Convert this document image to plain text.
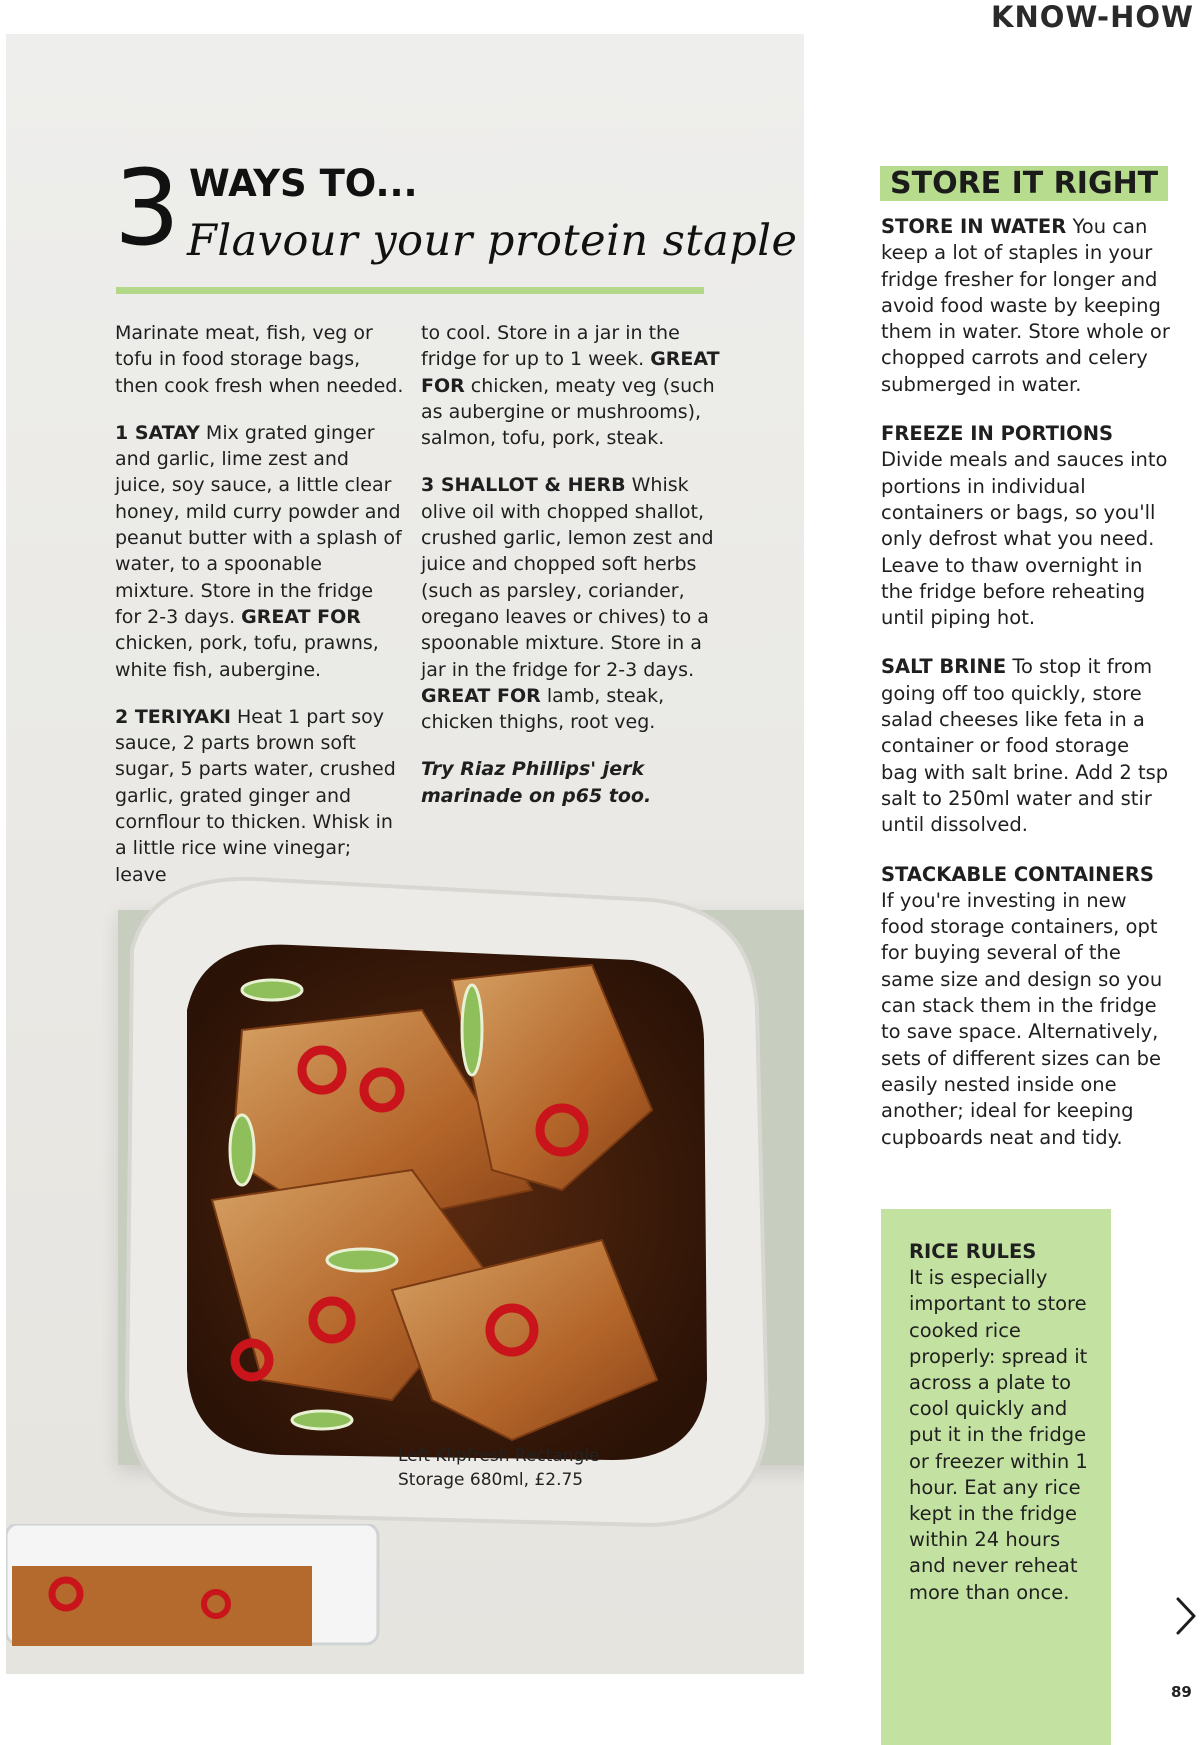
KNOW-HOW
3 WAYS TO...
Flavour your protein staple

Marinate meat, fish, veg or tofu in food storage bags, then cook fresh when needed.

1 SATAY Mix grated ginger and garlic, lime zest and juice, soy sauce, a little clear honey, mild curry powder and peanut butter with a splash of water, to a spoonable mixture. Store in the fridge for 2-3 days. GREAT FOR chicken, pork, tofu, prawns, white fish, aubergine.

2 TERIYAKI Heat 1 part soy sauce, 2 parts brown soft sugar, 5 parts water, crushed garlic, grated ginger and cornflour to thicken. Whisk in a little rice wine vinegar; leave

to cool. Store in a jar in the fridge for up to 1 week. GREAT FOR chicken, meaty veg (such as aubergine or mushrooms), salmon, tofu, pork, steak.

3 SHALLOT & HERB Whisk olive oil with chopped shallot, crushed garlic, lemon zest and juice and chopped soft herbs (such as parsley, coriander, oregano leaves or chives) to a spoonable mixture. Store in a jar in the fridge for 2-3 days. GREAT FOR lamb, steak, chicken thighs, root veg.

Try Riaz Phillips' jerk marinade on p65 too.

Left Klipfresh Rectangle Storage 680ml, £2.75
STORE IT RIGHT

STORE IN WATER You can keep a lot of staples in your fridge fresher for longer and avoid food waste by keeping them in water. Store whole or chopped carrots and celery submerged in water.

FREEZE IN PORTIONS
Divide meals and sauces into portions in individual containers or bags, so you'll only defrost what you need. Leave to thaw overnight in the fridge before reheating until piping hot.

SALT BRINE To stop it from going off too quickly, store salad cheeses like feta in a container or food storage bag with salt brine. Add 2 tsp salt to 250ml water and stir until dissolved.

STACKABLE CONTAINERS
If you're investing in new food storage containers, opt for buying several of the same size and design so you can stack them in the fridge to save space. Alternatively, sets of different sizes can be easily nested inside one another; ideal for keeping cupboards neat and tidy.

RICE RULES
It is especially important to store cooked rice properly: spread it across a plate to cool quickly and put it in the fridge or freezer within 1 hour. Eat any rice kept in the fridge within 24 hours and never reheat more than once.
89
